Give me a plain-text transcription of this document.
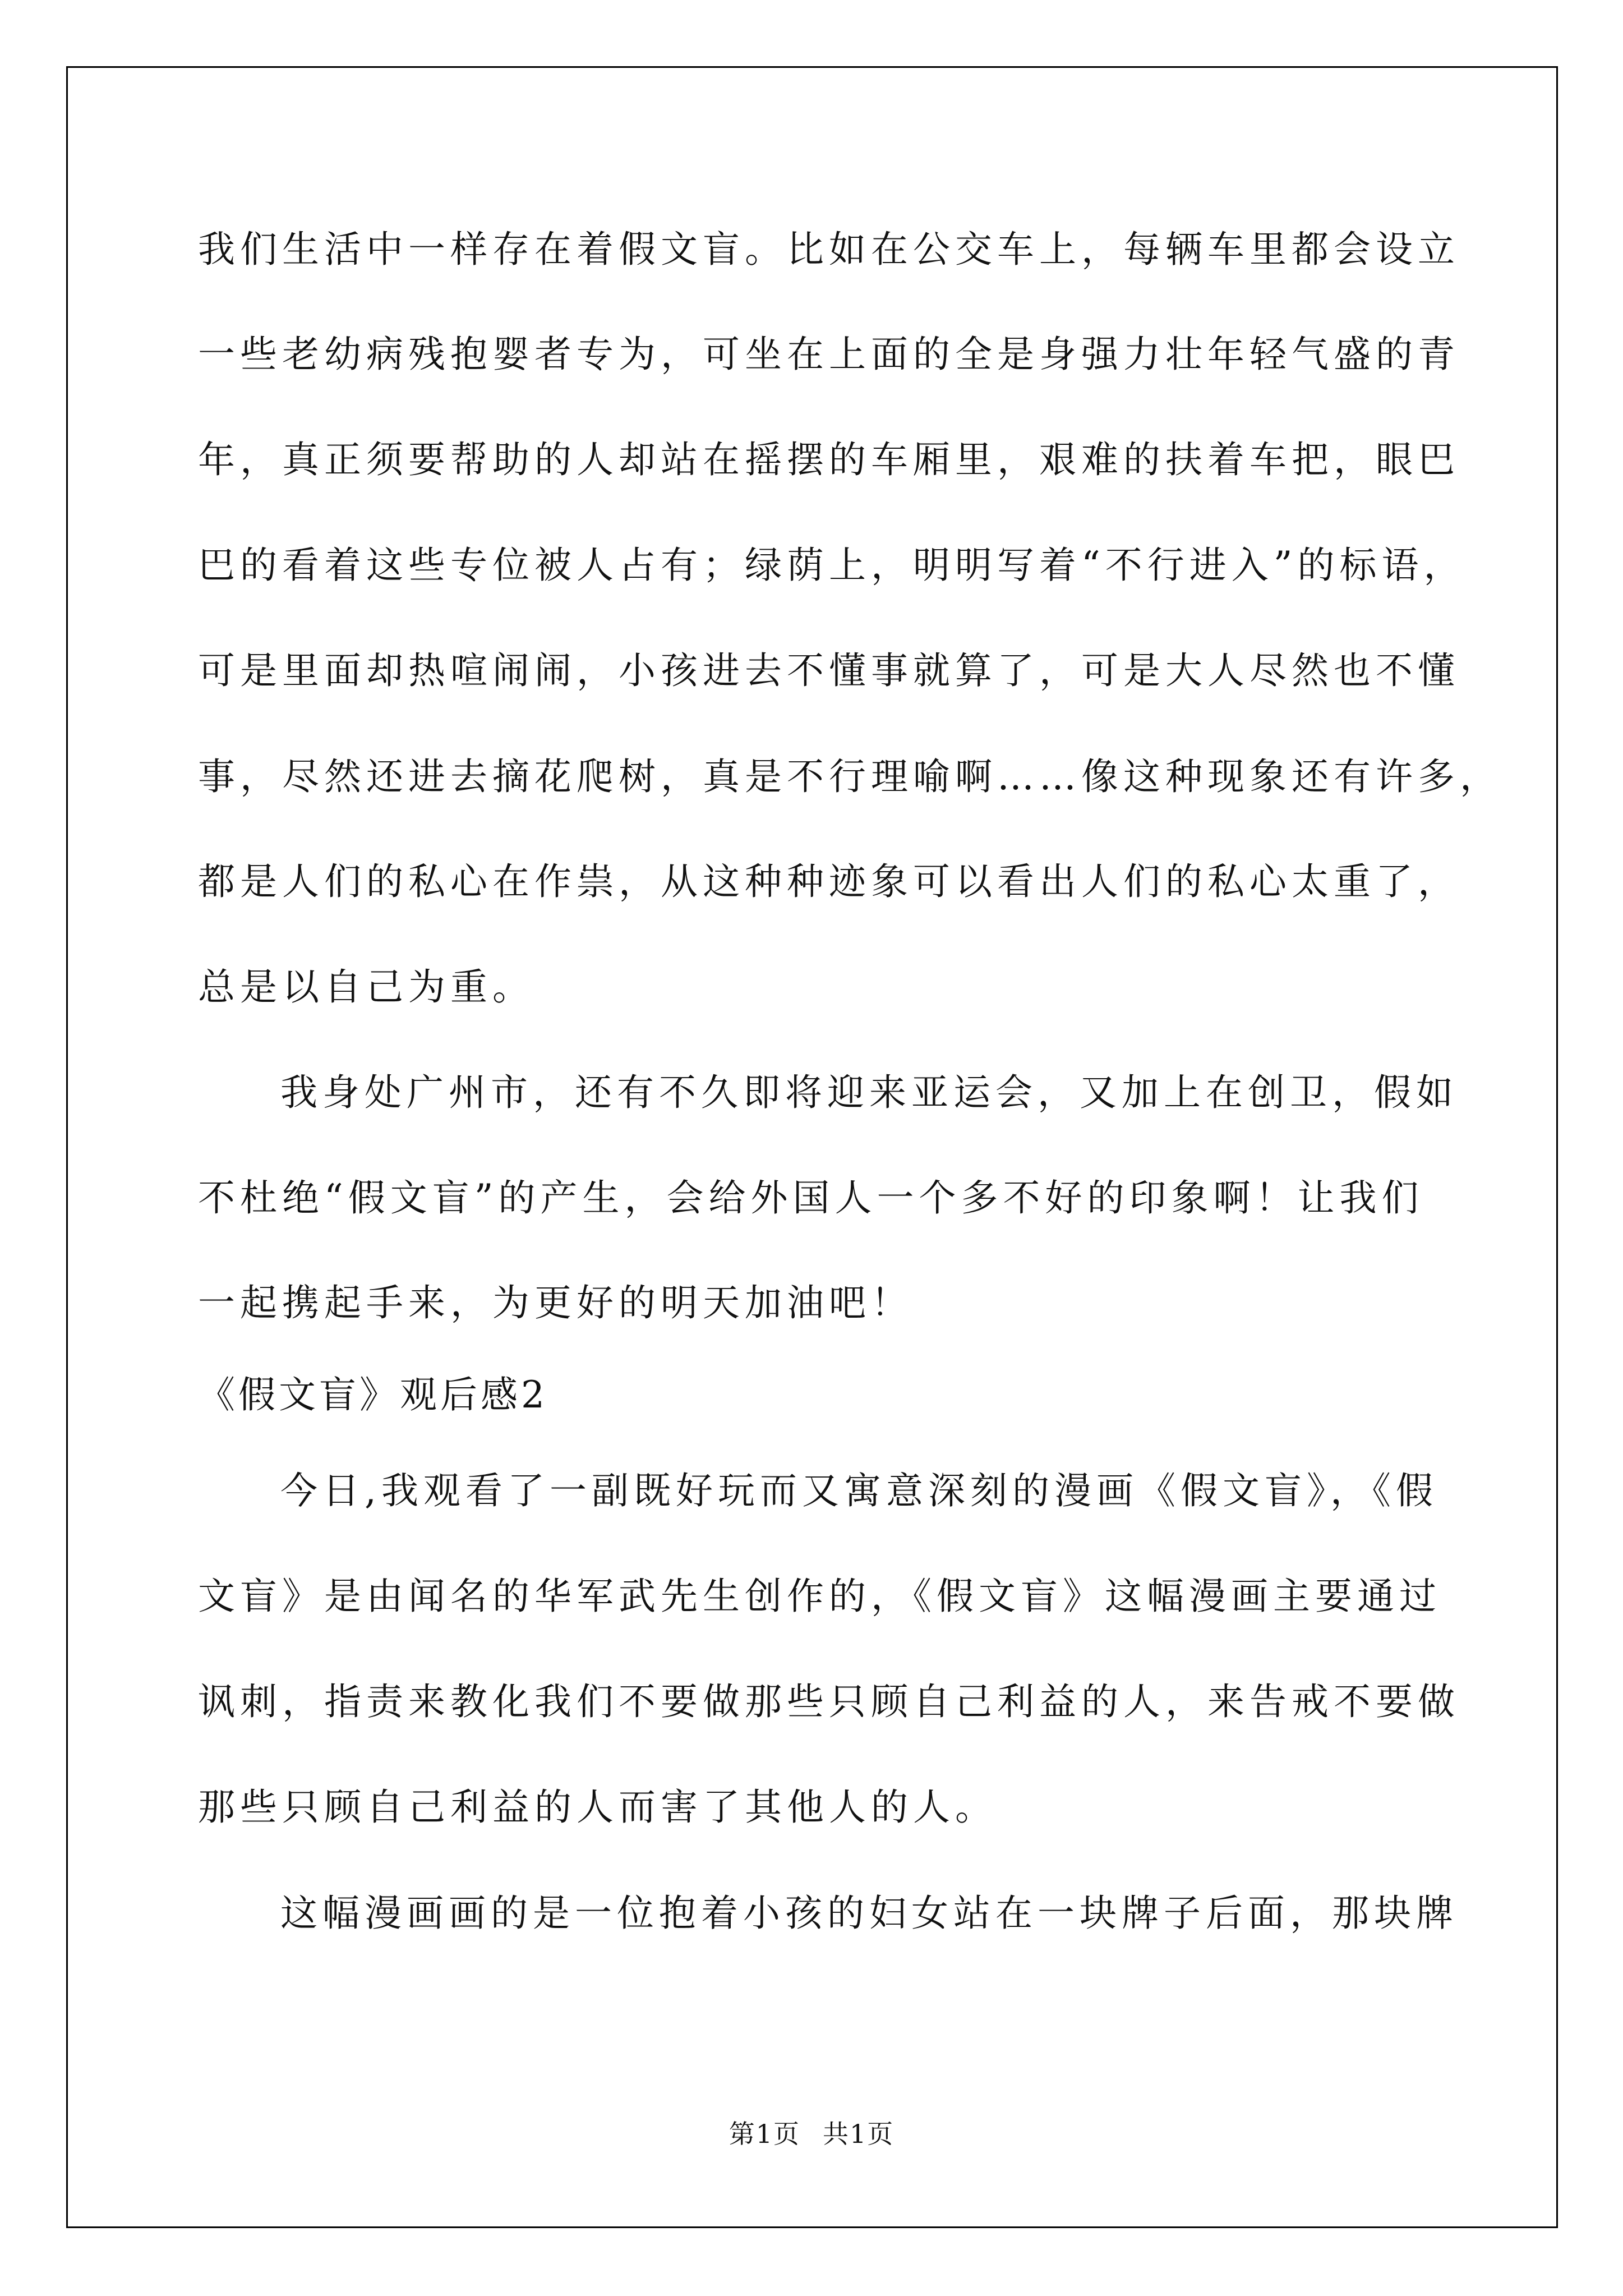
我们生活中一样存在着假文盲。比如在公交车上，每辆车里都会设立
一些老幼病残抱婴者专为，可坐在上面的全是身强力壮年轻气盛的青
年，真正须要帮助的人却站在摇摆的车厢里，艰难的扶着车把，眼巴
巴的看着这些专位被人占有；绿荫上，明明写着“不行进入”的标语，
可是里面却热喧闹闹，小孩进去不懂事就算了，可是大人尽然也不懂
事，尽然还进去摘花爬树，真是不行理喻啊……像这种现象还有许多，
都是人们的私心在作祟，从这种种迹象可以看出人们的私心太重了，
总是以自己为重。
我身处广州市，还有不久即将迎来亚运会，又加上在创卫，假如
不杜绝“假文盲”的产生，会给外国人一个多不好的印象啊！让我们
一起携起手来，为更好的明天加油吧！
《假文盲》观后感2
今日,我观看了一副既好玩而又寓意深刻的漫画《假文盲》，《假
文盲》是由闻名的华军武先生创作的，《假文盲》这幅漫画主要通过
讽刺，指责来教化我们不要做那些只顾自己利益的人，来告戒不要做
那些只顾自己利益的人而害了其他人的人。
这幅漫画画的是一位抱着小孩的妇女站在一块牌子后面，那块牌
第1页 共1页
